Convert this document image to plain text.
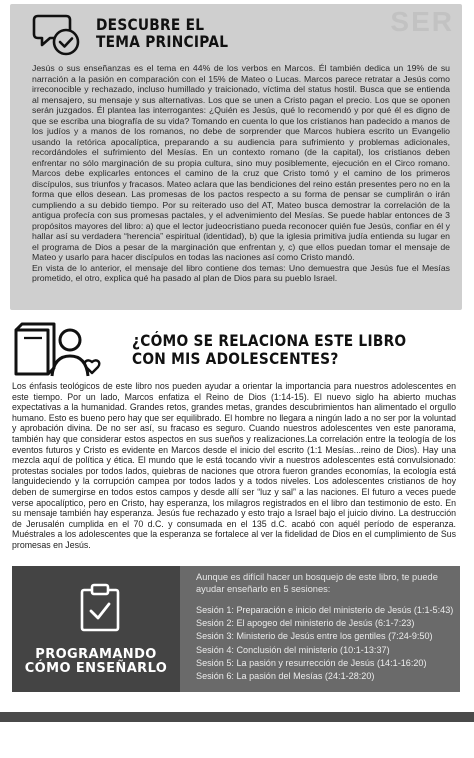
SER
DESCUBRE EL
TEMA PRINCIPAL

Jesús o sus enseñanzas es el tema en 44% de los verbos en Marcos. Él también dedica un 19% de su narración a la pasión en comparación con el 15% de Mateo o Lucas. Marcos parece retratar a Jesús como irreconocible y rechazado, incluso humillado y traicionado, víctima del status hostil. Busca que se entienda al mensajero, su mensaje y sus alternativas. Los que se unen a Cristo pagan el precio. Los que se oponen serán juzgados. Él plantea las interrogantes: ¿Quién es Jesús, qué lo recomendó y por qué él es digno de que se escriba una biografía de su vida? Tomando en cuenta lo que los cristianos han padecido a manos de los judíos y a manos de los romanos, no debe de sorprender que Marcos hubiera escrito un Evangelio usando la retórica apocalíptica, preparando a su audiencia para sufrimiento y problemas adicionales, recordándoles el sufrimiento del Mesías. En un contexto romano (de la capital), los cristianos deben enfrentar no sólo marginación de su propia cultura, sino muy posiblemente, ejecución en el Circo romano. Marcos debe explicarles entonces el camino de la cruz que Cristo tomó y el camino de los primeros discípulos, sus triunfos y fracasos. Mateo aclara que las bendiciones del reino están presentes pero no en la forma que ellos desean. Las promesas de los pactos respecto a su forma de pensar se cumplirán o irán cumpliendo a su debido tiempo. Por su reiterado uso del AT, Mateo busca demostrar la correlación de la antigua profecía con sus promesas pactales, y el advenimiento del Mesías. Se puede hablar entonces de 3 propósitos mayores del libro: a) que el lector judeocristiano pueda reconocer quién fue Jesús, confiar en él y hallar así su verdadera “herencia” espiritual (identidad), b) que la iglesia primitiva judía entienda su lugar en el programa de Dios a pesar de la marginación que enfrentan y, c) que ellos puedan tomar el mensaje de Mateo y usarlo para hacer discípulos en todas las naciones así como Cristo mandó.

En vista de lo anterior, el mensaje del libro contiene dos temas: Uno demuestra que Jesús fue el Mesías prometido, el otro, explica qué ha pasado al plan de Dios para su pueblo Israel.

¿CÓMO SE RELACIONA ESTE LIBRO
CON MIS ADOLESCENTES?

Los énfasis teológicos de este libro nos pueden ayudar a orientar la importancia para nuestros adolescentes en este tiempo. Por un lado, Marcos enfatiza el Reino de Dios (1:14-15). El nuevo siglo ha abierto muchas expectativas a la humanidad. Grandes retos, grandes metas, grandes descubrimientos han alimentado el orgullo humano. Esto es bueno pero hay que ser equilibrado. El hombre no llegara a ningún lado a no ser por la voluntad y aprobación divina. De no ser así, su fracaso es seguro. Cuando nuestros adolescentes ven este panorama, también hay que considerar estos aspectos en sus sueños y realizaciones.La correlación entre la teología de los eventos futuros y Cristo es evidente en Marcos desde el inicio del escrito (1:1 Mesías...reino de Dios). Hay una mezcla aquí de política y ética. El mundo que le está tocando vivir a nuestros adolescentes está convulsionado: protestas sociales por todos lados, quiebras de naciones que otrora fueron grandes economías, la ecología está languideciendo y la corrupción campea por todos lados y a todos niveles. Los adolescentes cristianos de hoy deben de sumergirse en todos estos campos y desde allí ser “luz y sal” a las naciones. El futuro a veces puede verse apocalíptico, pero en Cristo, hay esperanza, los milagros registrados en el libro dan testimonio de esto. En su mensaje también hay esperanza. Jesús fue rechazado y esto trajo a Israel bajo el juicio divino. La destrucción de Jerusalén cumplida en el 70 d.C. y consumada en el 135 d.C. acabó con aquél período de esperanza. Muéstrales a los adolescentes que la esperanza se fortalece al ver la fidelidad de Dios en el cumplimiento de Sus promesas en Jesús.

PROGRAMANDO
CÓMO ENSEÑARLO
Aunque es difícil hacer un bosquejo de este libro, te puede ayudar enseñarlo en 5 sesiones:
Sesión 1: Preparación e inicio del ministerio de Jesús (1:1-5:43)
Sesión 2: El apogeo del ministerio de Jesús (6:1-7:23)
Sesión 3: Ministerio de Jesús entre los gentiles (7:24-9:50)
Sesión 4: Conclusión del ministerio (10:1-13:37)
Sesión 5: La pasión y resurrección de Jesús (14:1-16:20)
Sesión 6: La pasión del Mesías (24:1-28:20)
